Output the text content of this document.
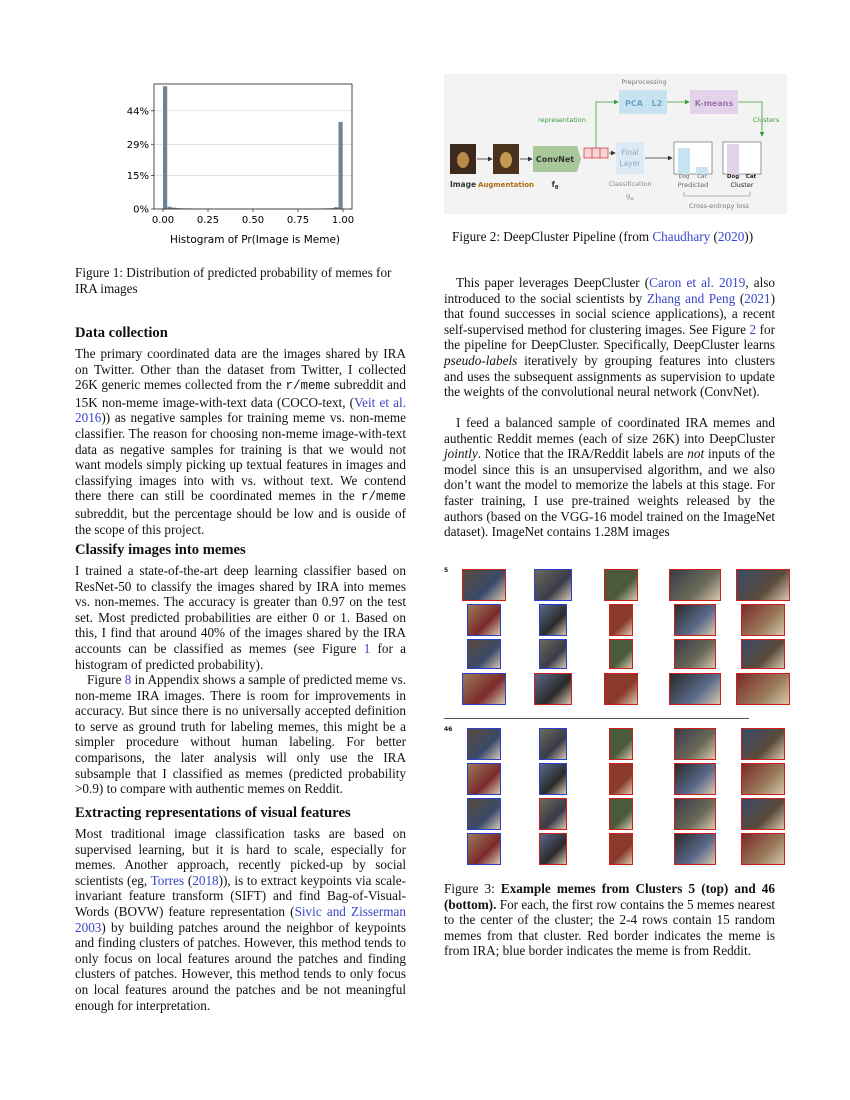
0%
15%
29%
44%
0.00 0.25 0.50 0.75 1.00
Histogram of Pr(Image is Meme)
Preprocessing
PCA L2	K-means
Clusters
representation
ConvNet
Final
Layer
Image Augmentation $f_\theta$	Classification
$g_w$
Dog Cat
Predicted
Dog Cat
Cluster
Cross-entropy loss
Figure 2: DeepCluster Pipeline (from Chaudhary (2020))
Figure 1: Distribution of predicted probability of memes for IRA images
Data collection

The primary coordinated data are the images shared by IRA on Twitter. Other than the dataset from Twitter, I collected 26K generic memes collected from the r/meme subreddit and 15K non-meme image-with-text data (COCO-text, (Veit et al. 2016)) as negative samples for training meme vs. non-meme classifier. The reason for choosing non-meme image-with-text data as negative samples for training is that we would not want models simply picking up textual features in images and classifying images into with vs. without text. We contend there there can still be coordinated memes in the r/meme subreddit, but the percentage should be low and is ouside of the scope of this project.

Classify images into memes

I trained a state-of-the-art deep learning classifier based on ResNet-50 to classify the images shared by IRA into memes vs. non-memes. The accuracy is greater than 0.97 on the test set. Most predicted probabilities are either 0 or 1. Based on this, I find that around 40% of the images shared by the IRA accounts can be classified as memes (see Figure 1 for a histogram of predicted probability).

Figure 8 in Appendix shows a sample of predicted meme vs. non-meme IRA images. There is room for improvements in accuracy. But since there is no universally accepted definition to serve as ground truth for labeling memes, this might be a simpler procedure without human labeling. For better comparisons, the later analysis will only use the IRA subsample that I classified as memes (predicted probability >0.9) to compare with authentic memes on Reddit.

Extracting representations of visual features

Most traditional image classification tasks are based on supervised learning, but it is hard to scale, especially for memes. Another approach, recently picked-up by social scientists (eg, Torres (2018)), is to extract keypoints via scale-invariant feature transform (SIFT) and find Bag-of-Visual-Words (BOVW) feature representation (Sivic and Zisserman 2003) by building patches around the neighbor of keypoints and finding clusters of patches. However, this method tends to only focus on local features around the patches and finding clusters of patches. However, this method tends to only focus on local features around the patches and be not meaningful enough for interpretation.

This paper leverages DeepCluster (Caron et al. 2019, also introduced to the social scientists by Zhang and Peng (2021) that found successes in social science applications), a recent self-supervised method for clustering images. See Figure 2 for the pipeline for DeepCluster. Specifically, DeepCluster learns pseudo-labels iteratively by grouping features into clusters and uses the subsequent assignments as supervision to update the weights of the convolutional neural network (ConvNet).

I feed a balanced sample of coordinated IRA memes and authentic Reddit memes (each of size 26K) into DeepCluster jointly. Notice that the IRA/Reddit labels are not inputs of the model since this is an unsupervised algorithm, and we also don’t want the model to memorize the labels at this stage. For faster training, I use pre-trained weights released by the authors (based on the VGG-16 model trained on the ImageNet dataset). ImageNet contains 1.28M images

5
46
Figure 3: Example memes from Clusters 5 (top) and 46 (bottom). For each, the first row contains the 5 memes nearest to the center of the cluster; the 2-4 rows contain 15 random memes from that cluster. Red border indicates the meme is from IRA; blue border indicates the meme is from Reddit.
